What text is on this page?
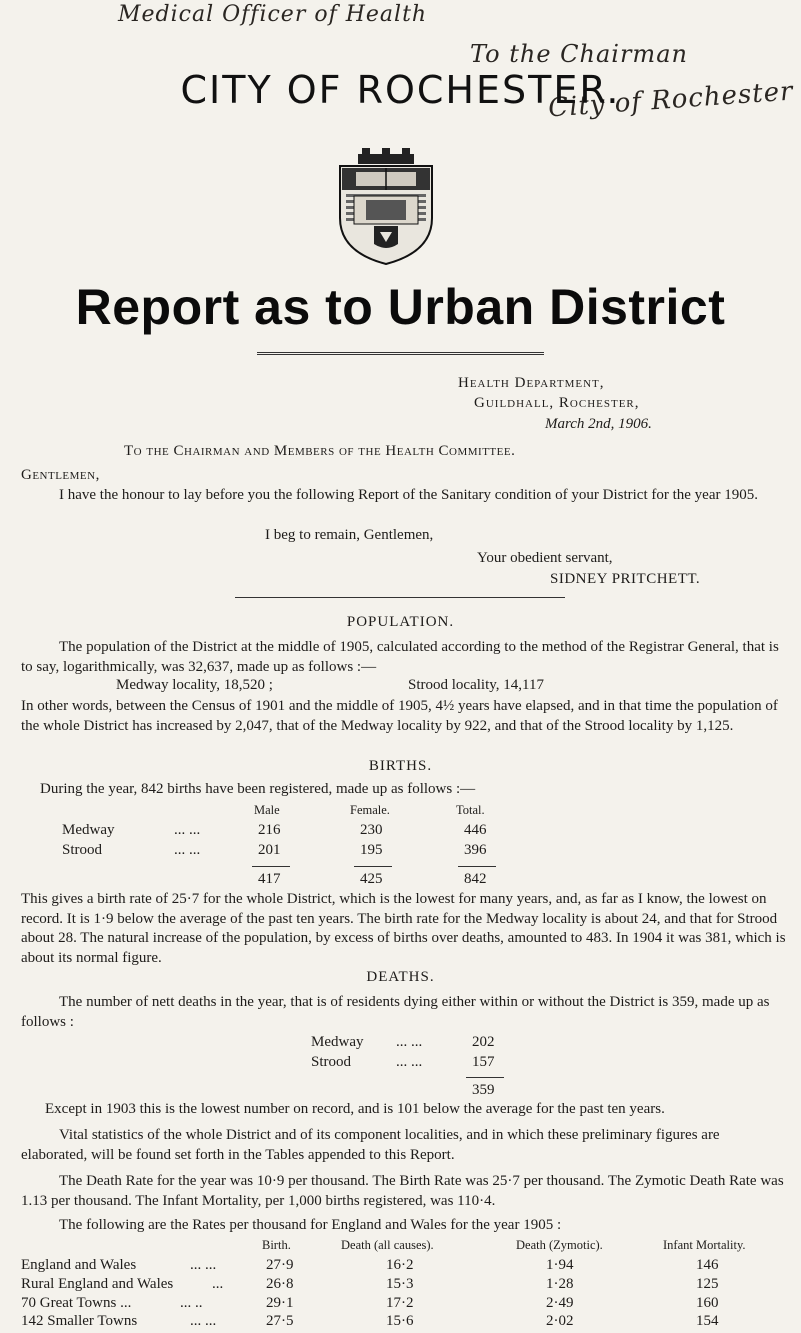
Medical Officer of Health
To the Chairman
City of Rochester
CITY OF ROCHESTER.
Report as to Urban District
Health Department,
Guildhall, Rochester,
March 2nd, 1906.
To the Chairman and Members of the Health Committee.
Gentlemen,
I have the honour to lay before you the following Report of the Sanitary condition of your District for the year 1905.
I beg to remain, Gentlemen,
Your obedient servant,
SIDNEY PRITCHETT.
POPULATION.
The population of the District at the middle of 1905, calculated according to the method of the Registrar General, that is to say, logarithmically, was 32,637, made up as follows :—
Medway locality, 18,520 ;	Strood locality, 14,117
In other words, between the Census of 1901 and the middle of 1905, 4½ years have elapsed, and in that time the population of the whole District has increased by 2,047, that of the Medway locality by 922, and that of the Strood locality by 1,125.
BIRTHS.
During the year, 842 births have been registered, made up as follows :—
Male	Female.	Total.
Medway	... ...	216	230	446
Strood	... ...	201	195	396
417	425	842
This gives a birth rate of 25·7 for the whole District, which is the lowest for many years, and, as far as I know, the lowest on record. It is 1·9 below the average of the past ten years. The birth rate for the Medway locality is about 24, and that for Strood about 28. The natural increase of the population, by excess of births over deaths, amounted to 483. In 1904 it was 381, which is about its normal figure.
DEATHS.
The number of nett deaths in the year, that is of residents dying either within or without the District is 359, made up as follows :
Medway ... ...	202
Strood	... ...	157
359
Except in 1903 this is the lowest number on record, and is 101 below the average for the past ten years.
Vital statistics of the whole District and of its component localities, and in which these preliminary figures are elaborated, will be found set forth in the Tables appended to this Report.
The Death Rate for the year was 10·9 per thousand. The Birth Rate was 25·7 per thousand. The Zymotic Death Rate was 1.13 per thousand. The Infant Mortality, per 1,000 births registered, was 110·4.
The following are the Rates per thousand for England and Wales for the year 1905 :
Birth.	Death (all causes).	Death (Zymotic).	Infant Mortality.
England and Wales	... ...	27·9	16·2	1·94	146
Rural England and Wales	...	26·8	15·3	1·28	125
70 Great Towns ...	... ..	29·1	17·2	2·49	160
142 Smaller Towns	... ...	27·5	15·6	2·02	154
